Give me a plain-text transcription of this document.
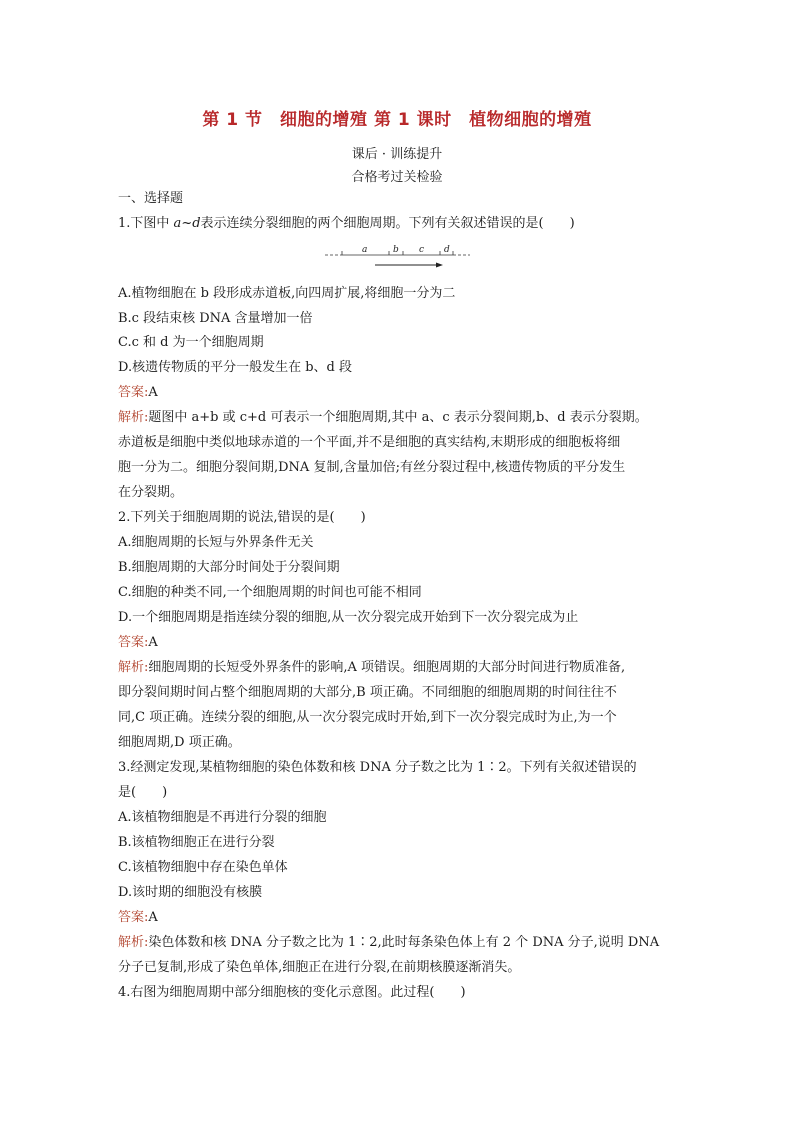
第 1 节　细胞的增殖 第 1 课时　植物细胞的增殖
课后 · 训练提升
合格考过关检验
一、选择题
1.下图中 a~d表示连续分裂细胞的两个细胞周期。下列有关叙述错误的是(　　)
a	b c d
A.植物细胞在 b 段形成赤道板,向四周扩展,将细胞一分为二
B.c 段结束核 DNA 含量增加一倍
C.c 和 d 为一个细胞周期
D.核遗传物质的平分一般发生在 b、d 段
答案:A
解析:题图中 a+b 或 c+d 可表示一个细胞周期,其中 a、c 表示分裂间期,b、d 表示分裂期。
赤道板是细胞中类似地球赤道的一个平面,并不是细胞的真实结构,末期形成的细胞板将细
胞一分为二。细胞分裂间期,DNA 复制,含量加倍;有丝分裂过程中,核遗传物质的平分发生
在分裂期。
2.下列关于细胞周期的说法,错误的是(　　)
A.细胞周期的长短与外界条件无关
B.细胞周期的大部分时间处于分裂间期
C.细胞的种类不同,一个细胞周期的时间也可能不相同
D.一个细胞周期是指连续分裂的细胞,从一次分裂完成开始到下一次分裂完成为止
答案:A
解析:细胞周期的长短受外界条件的影响,A 项错误。细胞周期的大部分时间进行物质准备,
即分裂间期时间占整个细胞周期的大部分,B 项正确。不同细胞的细胞周期的时间往往不
同,C 项正确。连续分裂的细胞,从一次分裂完成时开始,到下一次分裂完成时为止,为一个
细胞周期,D 项正确。
3.经测定发现,某植物细胞的染色体数和核 DNA 分子数之比为 1∶2。下列有关叙述错误的
是(　　)
A.该植物细胞是不再进行分裂的细胞
B.该植物细胞正在进行分裂
C.该植物细胞中存在染色单体
D.该时期的细胞没有核膜
答案:A
解析:染色体数和核 DNA 分子数之比为 1∶2,此时每条染色体上有 2 个 DNA 分子,说明 DNA
分子已复制,形成了染色单体,细胞正在进行分裂,在前期核膜逐渐消失。
4.右图为细胞周期中部分细胞核的变化示意图。此过程(　　)
